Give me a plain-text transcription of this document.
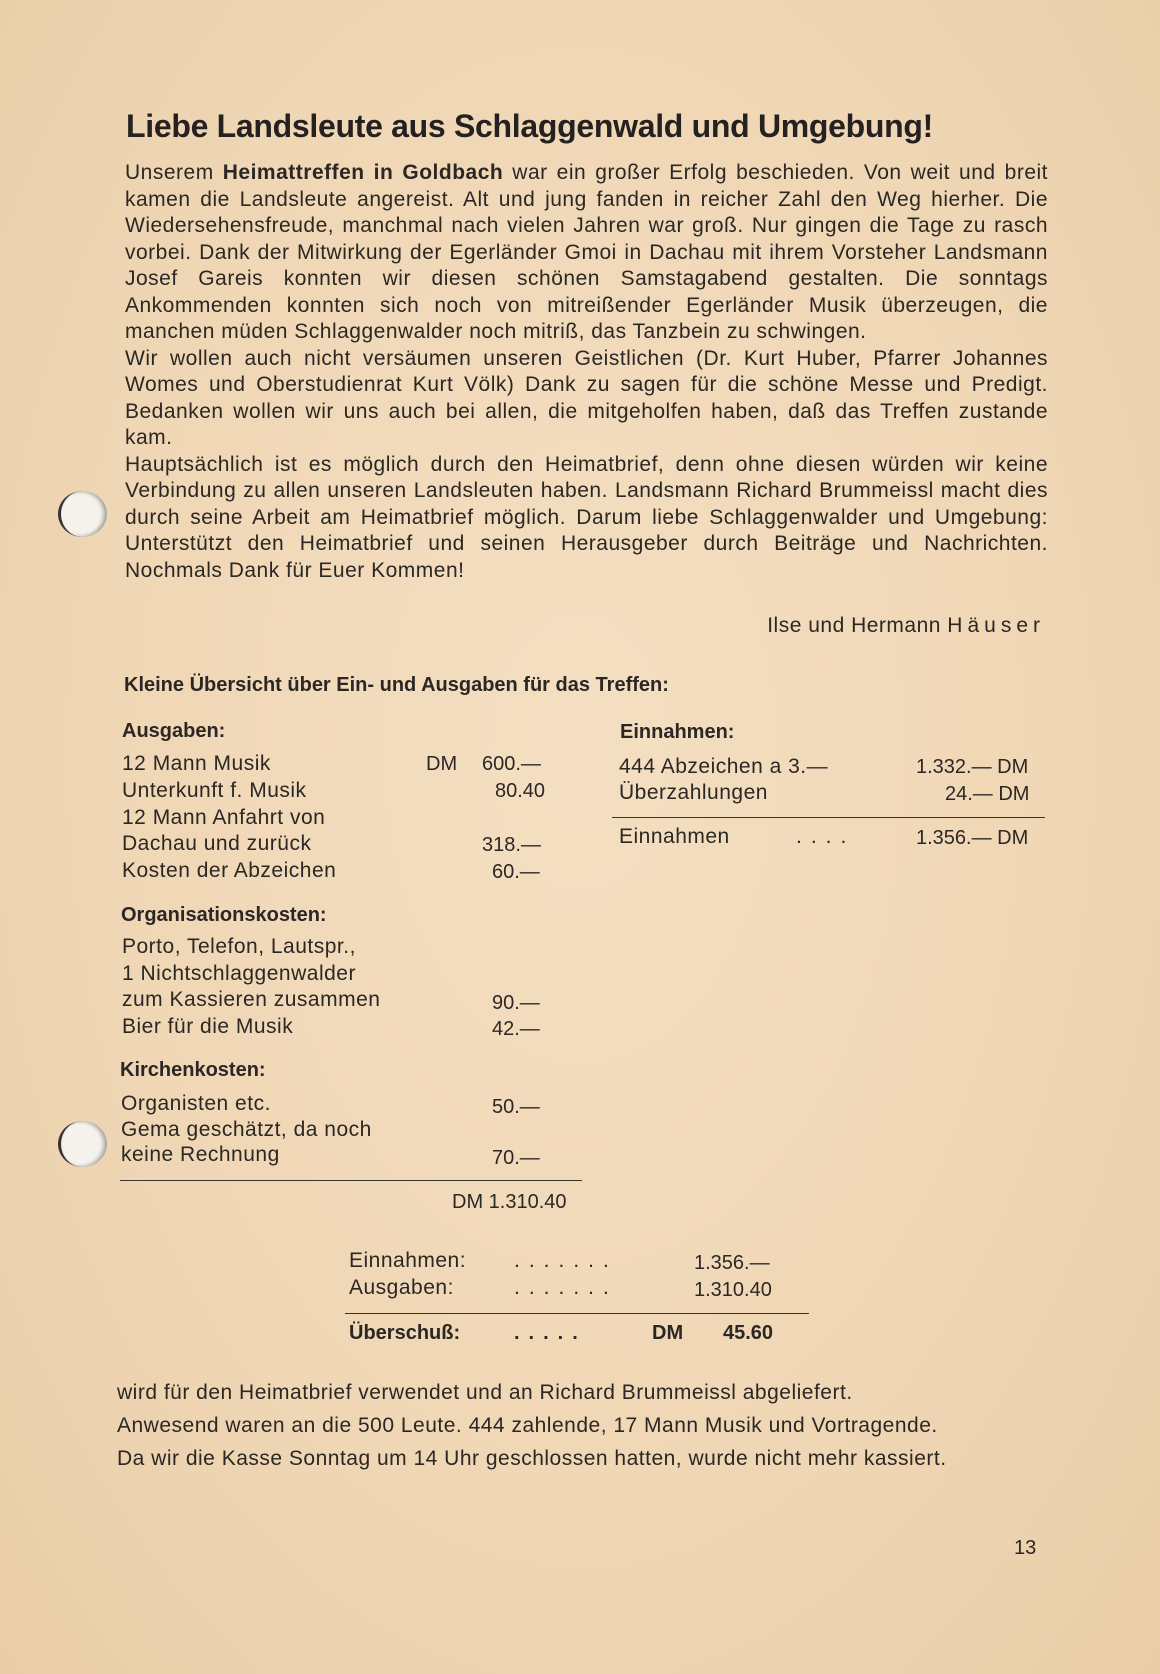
Liebe Landsleute aus Schlaggenwald und Umgebung!

Unserem Heimattreffen in Goldbach war ein großer Erfolg beschieden. Von weit und breit kamen die Landsleute angereist. Alt und jung fanden in reicher Zahl den Weg hierher. Die Wiedersehensfreude, manchmal nach vielen Jahren war groß. Nur gingen die Tage zu rasch vorbei. Dank der Mitwirkung der Egerländer Gmoi in Dachau mit ihrem Vorsteher Landsmann Josef Gareis konnten wir diesen schönen Samstagabend gestalten. Die sonntags Ankommenden konnten sich noch von mitreißender Egerländer Musik überzeugen, die manchen müden Schlaggenwalder noch mitriß, das Tanzbein zu schwingen.

Wir wollen auch nicht versäumen unseren Geistlichen (Dr. Kurt Huber, Pfarrer Johannes Womes und Oberstudienrat Kurt Völk) Dank zu sagen für die schöne Messe und Predigt. Bedanken wollen wir uns auch bei allen, die mitgeholfen haben, daß das Treffen zustande kam.

Hauptsächlich ist es möglich durch den Heimatbrief, denn ohne diesen würden wir keine Verbindung zu allen unseren Landsleuten haben. Landsmann Richard Brummeissl macht dies durch seine Arbeit am Heimatbrief möglich. Darum liebe Schlaggenwalder und Umgebung: Unterstützt den Heimatbrief und seinen Herausgeber durch Beiträge und Nachrichten. Nochmals Dank für Euer Kommen!

Ilse und Hermann Häuser
Kleine Übersicht über Ein- und Ausgaben für das Treffen:
Ausgaben:
12 Mann Musik	DM 600.—
Unterkunft f. Musik	80.40
12 Mann Anfahrt von
Dachau und zurück	318.—
Kosten der Abzeichen	60.—
Organisationskosten:
Porto, Telefon, Lautspr.,
1 Nichtschlaggenwalder
zum Kassieren zusammen	90.—
Bier für die Musik	42.—
Kirchenkosten:
Organisten etc.	50.—
Gema geschätzt, da noch
keine Rechnung	70.—
DM 1.310.40
Einnahmen:
444 Abzeichen a 3.—	1.332.— DM
Überzahlungen	24.— DM
Einnahmen	....	1.356.— DM
Einnahmen: .......	1.356.—
Ausgaben:	.......	1.310.40
Überschuß:	.....	DM 45.60

wird für den Heimatbrief verwendet und an Richard Brummeissl abgeliefert.

Anwesend waren an die 500 Leute. 444 zahlende, 17 Mann Musik und Vortragende.

Da wir die Kasse Sonntag um 14 Uhr geschlossen hatten, wurde nicht mehr kassiert.

13
